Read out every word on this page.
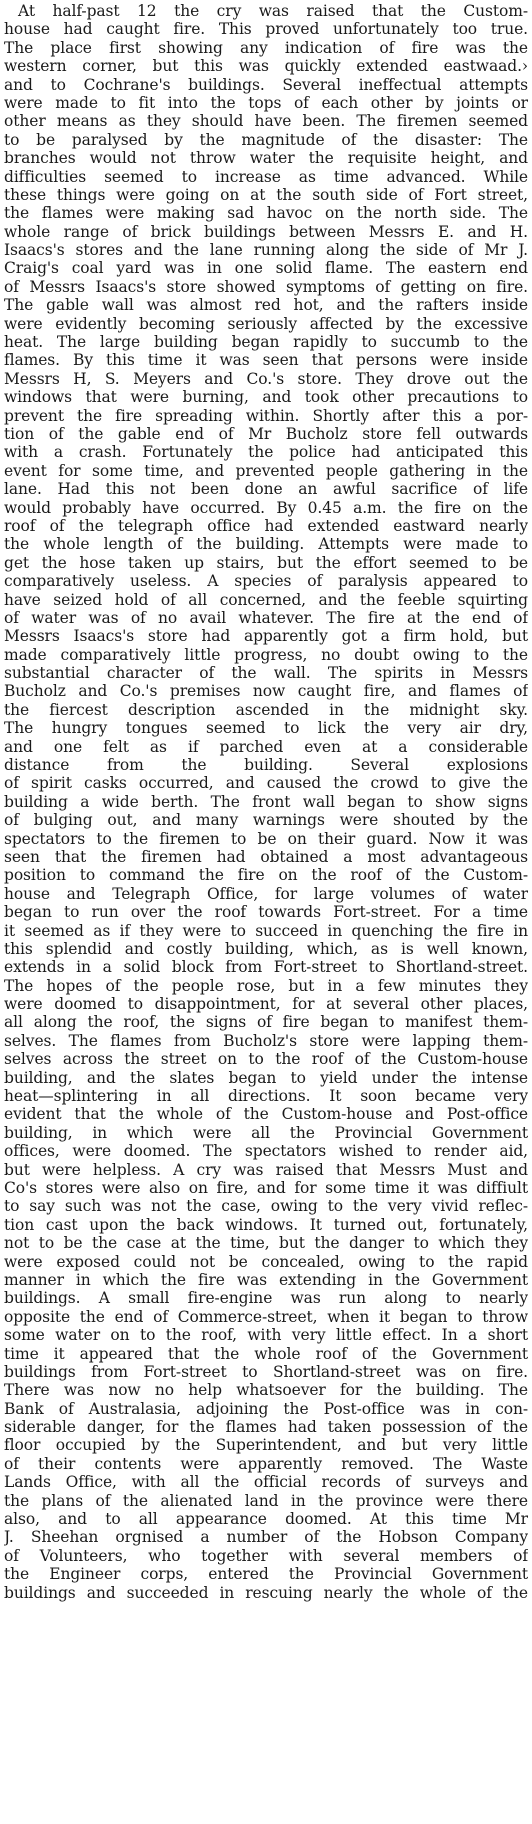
At half-past 12 the cry was raised that the Custom-
house had caught fire. This proved unfortunately too true.
The place first showing any indication of fire was the
western corner, but this was quickly extended eastwaad.›
and to Cochrane's buildings. Several ineffectual attempts
were made to fit into the tops of each other by joints or
other means as they should have been. The firemen seemed
to be paralysed by the magnitude of the disaster: The
branches would not throw water the requisite height, and
difficulties seemed to increase as time advanced. While
these things were going on at the south side of Fort street,
the flames were making sad havoc on the north side. The
whole range of brick buildings between Messrs E. and H.
Isaacs's stores and the lane running along the side of Mr J.
Craig's coal yard was in one solid flame. The eastern end
of Messrs Isaacs's store showed symptoms of getting on fire.
The gable wall was almost red hot, and the rafters inside
were evidently becoming seriously affected by the excessive
heat. The large building began rapidly to succumb to the
flames. By this time it was seen that persons were inside
Messrs H, S. Meyers and Co.'s store. They drove out the
windows that were burning, and took other precautions to
prevent the fire spreading within. Shortly after this a por-
tion of the gable end of Mr Bucholz store fell outwards
with a crash. Fortunately the police had anticipated this
event for some time, and prevented people gathering in the
lane. Had this not been done an awful sacrifice of life
would probably have occurred. By 0.45 a.m. the fire on the
roof of the telegraph office had extended eastward nearly
the whole length of the building. Attempts were made to
get the hose taken up stairs, but the effort seemed to be
comparatively useless. A species of paralysis appeared to
have seized hold of all concerned, and the feeble squirting
of water was of no avail whatever. The fire at the end of
Messrs Isaacs's store had apparently got a firm hold, but
made comparatively little progress, no doubt owing to the
substantial character of the wall. The spirits in Messrs
Bucholz and Co.'s premises now caught fire, and flames of
the fiercest description ascended in the midnight sky.
The hungry tongues seemed to lick the very air dry,
and one felt as if parched even at a considerable
distance from the building. Several explosions
of spirit casks occurred, and caused the crowd to give the
building a wide berth. The front wall began to show signs
of bulging out, and many warnings were shouted by the
spectators to the firemen to be on their guard. Now it was
seen that the firemen had obtained a most advantageous
position to command the fire on the roof of the Custom-
house and Telegraph Office, for large volumes of water
began to run over the roof towards Fort-street. For a time
it seemed as if they were to succeed in quenching the fire in
this splendid and costly building, which, as is well known,
extends in a solid block from Fort-street to Shortland-street.
The hopes of the people rose, but in a few minutes they
were doomed to disappointment, for at several other places,
all along the roof, the signs of fire began to manifest them-
selves. The flames from Bucholz's store were lapping them-
selves across the street on to the roof of the Custom-house
building, and the slates began to yield under the intense
heat—splintering in all directions. It soon became very
evident that the whole of the Custom-house and Post-office
building, in which were all the Provincial Government
offices, were doomed. The spectators wished to render aid,
but were helpless. A cry was raised that Messrs Must and
Co's stores were also on fire, and for some time it was diffiult
to say such was not the case, owing to the very vivid reflec-
tion cast upon the back windows. It turned out, fortunately,
not to be the case at the time, but the danger to which they
were exposed could not be concealed, owing to the rapid
manner in which the fire was extending in the Government
buildings. A small fire-engine was run along to nearly
opposite the end of Commerce-street, when it began to throw
some water on to the roof, with very little effect. In a short
time it appeared that the whole roof of the Government
buildings from Fort-street to Shortland-street was on fire.
There was now no help whatsoever for the building. The
Bank of Australasia, adjoining the Post-office was in con-
siderable danger, for the flames had taken possession of the
floor occupied by the Superintendent, and but very little
of their contents were apparently removed. The Waste
Lands Office, with all the official records of surveys and
the plans of the alienated land in the province were there
also, and to all appearance doomed. At this time Mr
J. Sheehan orgnised a number of the Hobson Company
of Volunteers, who together with several members of
the Engineer corps, entered the Provincial Government
buildings and succeeded in rescuing nearly the whole of the
